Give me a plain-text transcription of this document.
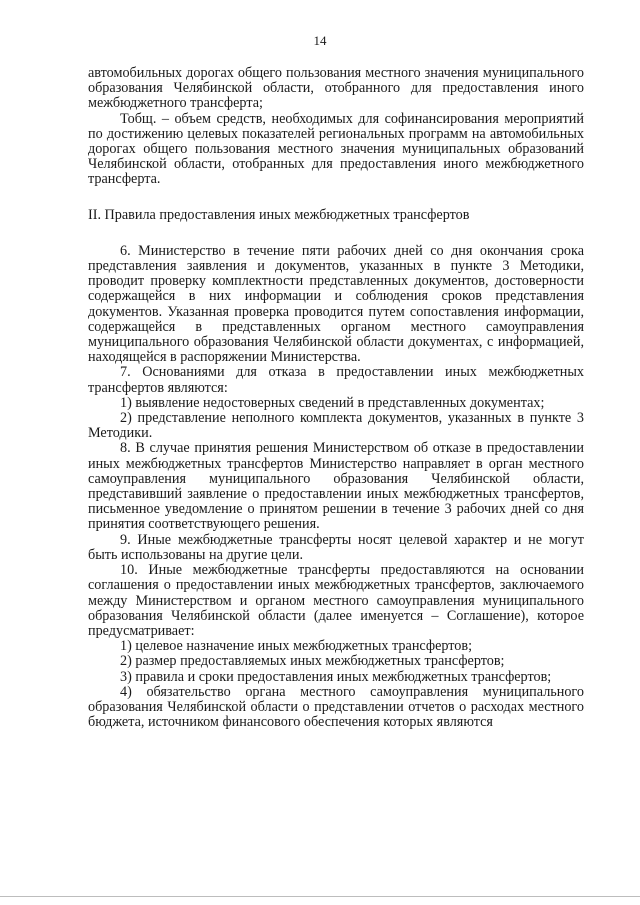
14

автомобильных дорогах общего пользования местного значения муниципального образования Челябинской области, отобранного для предоставления иного межбюджетного трансферта;

Тобщ. – объем средств, необходимых для софинансирования мероприятий по достижению целевых показателей региональных программ на автомобильных дорогах общего пользования местного значения муниципальных образований Челябинской области, отобранных для предоставления иного межбюджетного трансферта.

II. Правила предоставления иных межбюджетных трансфертов

6. Министерство в течение пяти рабочих дней со дня окончания срока представления заявления и документов, указанных в пункте 3 Методики, проводит проверку комплектности представленных документов, достоверности содержащейся в них информации и соблюдения сроков представления документов. Указанная проверка проводится путем сопоставления информации, содержащейся в представленных органом местного самоуправления муниципального образования Челябинской области документах, с информацией, находящейся в распоряжении Министерства.

7. Основаниями для отказа в предоставлении иных межбюджетных трансфертов являются:

1) выявление недостоверных сведений в представленных документах;

2) представление неполного комплекта документов, указанных в пункте 3 Методики.

8. В случае принятия решения Министерством об отказе в предоставлении иных межбюджетных трансфертов Министерство направляет в орган местного самоуправления муниципального образования Челябинской области, представивший заявление о предоставлении иных межбюджетных трансфертов, письменное уведомление о принятом решении в течение 3 рабочих дней со дня принятия соответствующего решения.

9. Иные межбюджетные трансферты носят целевой характер и не могут быть использованы на другие цели.

10. Иные межбюджетные трансферты предоставляются на основании соглашения о предоставлении иных межбюджетных трансфертов, заключаемого между Министерством и органом местного самоуправления муниципального образования Челябинской области (далее именуется – Соглашение), которое предусматривает:

1) целевое назначение иных межбюджетных трансфертов;

2) размер предоставляемых иных межбюджетных трансфертов;

3) правила и сроки предоставления иных межбюджетных трансфертов;

4) обязательство органа местного самоуправления муниципального образования Челябинской области о представлении отчетов о расходах местного бюджета, источником финансового обеспечения которых являются
